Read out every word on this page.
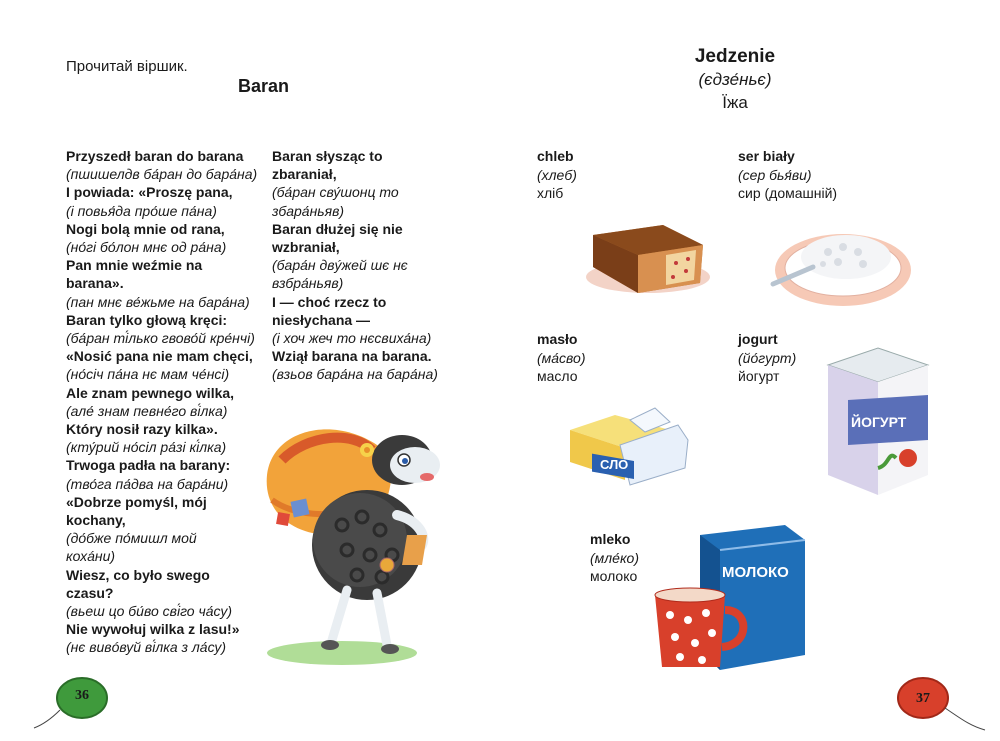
Прочитай віршик.
Baran
Przyszedł baran do barana
(пшишелдв ба́ран до бара́на)
I powiada: «Proszę pana,
(і повья́да про́ше па́на)
Nogi bolą mnie od rana,
(но́гі бо́лон мнє од ра́на)
Pan mnie weźmie na barana».
(пан мнє ве́жьме на бара́на)
Baran tylko głową kręci:
(ба́ран ті́лько гвово́й кре́нчі)
«Nosić pana nie mam chęci,
(но́січ па́на нє мам че́нсі)
Ale znam pewnego wilka,
(але́ знам певне́го ві́лка)
Który nosił razy kilka».
(кту́рий но́сіл ра́зі кі́лка)
Trwoga padła na barany:
(тво́га па́два на бара́ни)
«Dobrze pomyśl, mój kochany,
(до́бже по́мишл мой кохáни)
Wiesz, co było swego czasu?
(вьеш цо би́во сві́го ча́су)
Nie wywołuj wilka z lasu!»
(нє вивóвуй ві́лка з ла́су)
Baran słysząc to zbaraniał,
(ба́ран сву́шонц то збара́ньяв)
Baran dłużej się nie wzbraniał,
(бара́н двýжей шє нє взбра́ньяв)
I — choć rzecz to niesłychana —
(і хоч жеч то нєсвиха́на)
Wziął barana na barana.
(взьов бара́на на бара́на)
36
Jedzenie
(єдзе́ньє)
Їжа
chleb
(хлеб)
хліб
ser biały
(сер бья́ви)
сир (домашній)
masło
(ма́сво)
масло
jogurt
(йо́гурт)
йогурт
mleko
(мле́ко)
молоко
СЛО
ЙОГУРТ
МОЛОКО
37
